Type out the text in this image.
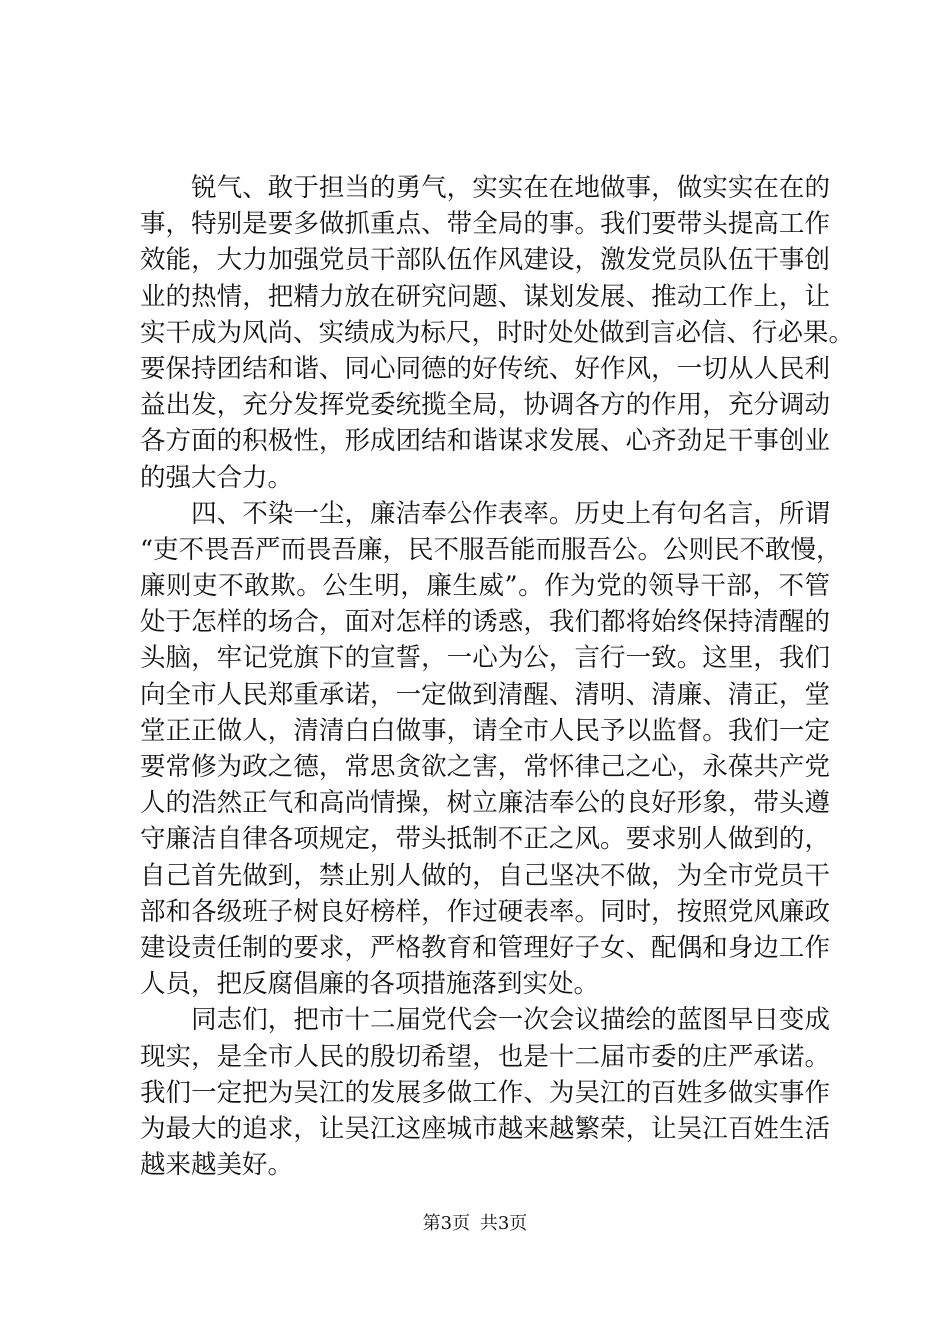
　　锐气、敢于担当的勇气，实实在在地做事，做实实在在的
事，特别是要多做抓重点、带全局的事。我们要带头提高工作
效能，大力加强党员干部队伍作风建设，激发党员队伍干事创
业的热情，把精力放在研究问题、谋划发展、推动工作上，让
实干成为风尚、实绩成为标尺，时时处处做到言必信、行必果。
要保持团结和谐、同心同德的好传统、好作风，一切从人民利
益出发，充分发挥党委统揽全局，协调各方的作用，充分调动
各方面的积极性，形成团结和谐谋求发展、心齐劲足干事创业
的强大合力。
　　四、不染一尘，廉洁奉公作表率。历史上有句名言，所谓
“吏不畏吾严而畏吾廉，民不服吾能而服吾公。公则民不敢慢，
廉则吏不敢欺。公生明，廉生威”。作为党的领导干部，不管
处于怎样的场合，面对怎样的诱惑，我们都将始终保持清醒的
头脑，牢记党旗下的宣誓，一心为公，言行一致。这里，我们
向全市人民郑重承诺，一定做到清醒、清明、清廉、清正，堂
堂正正做人，清清白白做事，请全市人民予以监督。我们一定
要常修为政之德，常思贪欲之害，常怀律己之心，永葆共产党
人的浩然正气和高尚情操，树立廉洁奉公的良好形象，带头遵
守廉洁自律各项规定，带头抵制不正之风。要求别人做到的，
自己首先做到，禁止别人做的，自己坚决不做，为全市党员干
部和各级班子树良好榜样，作过硬表率。同时，按照党风廉政
建设责任制的要求，严格教育和管理好子女、配偶和身边工作
人员，把反腐倡廉的各项措施落到实处。
　　同志们，把市十二届党代会一次会议描绘的蓝图早日变成
现实，是全市人民的殷切希望，也是十二届市委的庄严承诺。
我们一定把为吴江的发展多做工作、为吴江的百姓多做实事作
为最大的追求，让吴江这座城市越来越繁荣，让吴江百姓生活
越来越美好。
第3页 共3页
